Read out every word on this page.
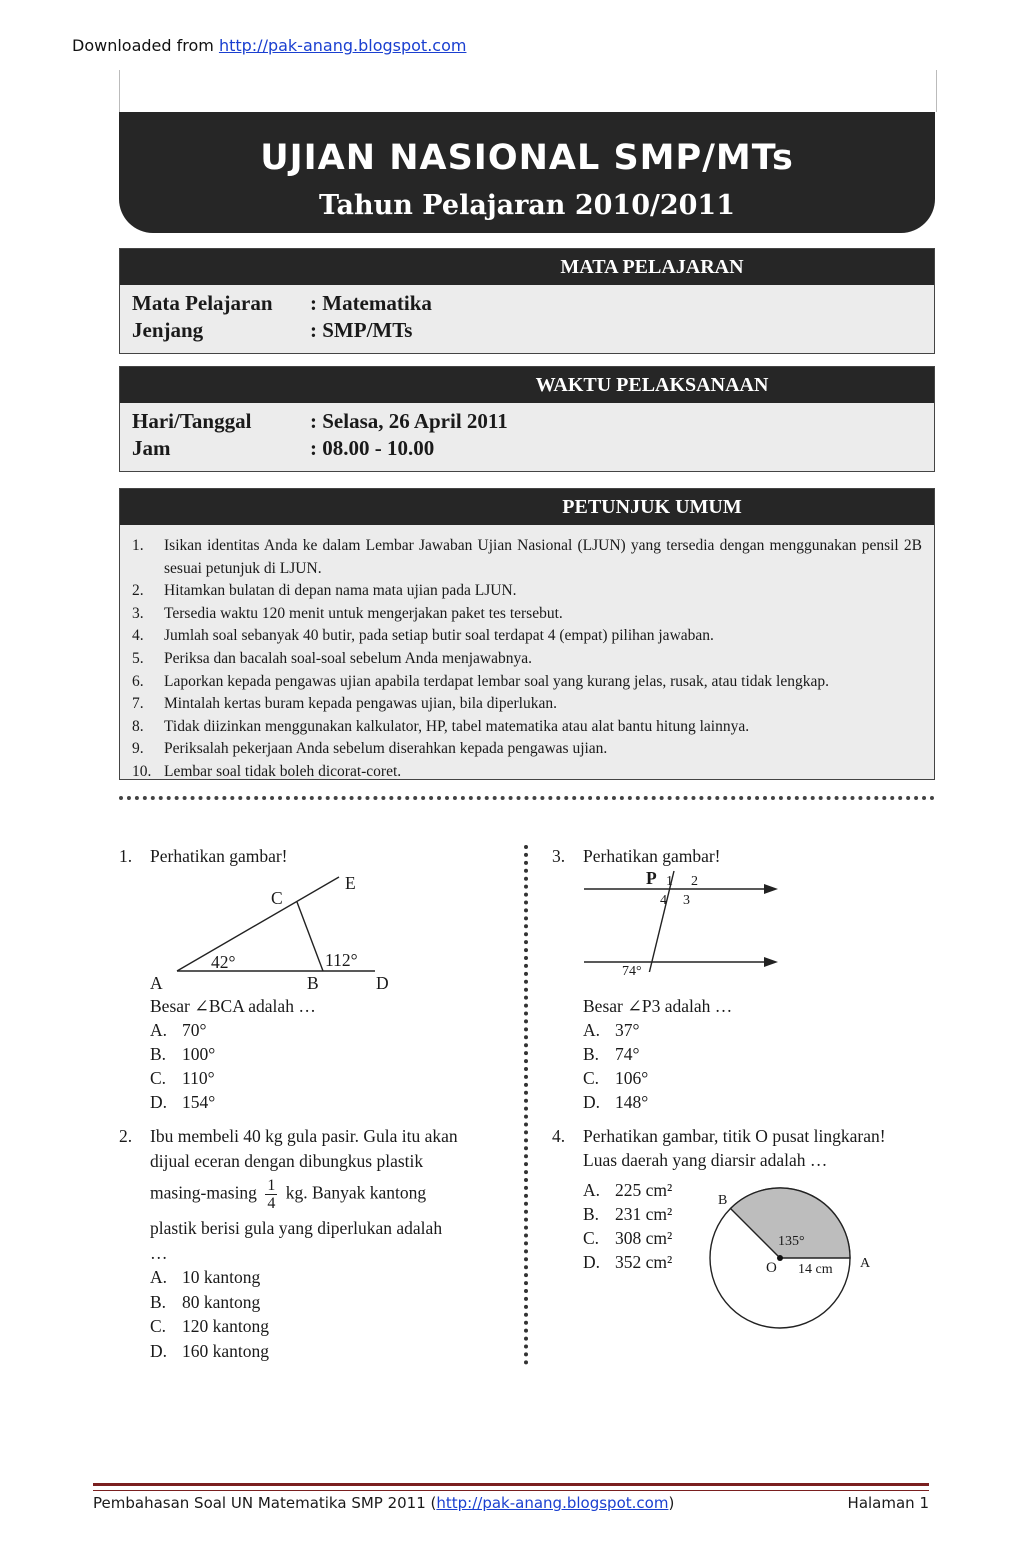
Downloaded from http://pak-anang.blogspot.com
UJIAN NASIONAL SMP/MTs
Tahun Pelajaran 2010/2011
MATA PELAJARAN
Mata Pelajaran : Matematika
Jenjang	: SMP/MTs
WAKTU PELAKSANAAN
Hari/Tanggal	: Selasa, 26 April 2011
Jam	: 08.00 - 10.00
PETUNJUK UMUM
1. Isikan identitas Anda ke dalam Lembar Jawaban Ujian Nasional (LJUN) yang tersedia dengan menggunakan pensil 2B sesuai petunjuk di LJUN.
2. Hitamkan bulatan di depan nama mata ujian pada LJUN.
3. Tersedia waktu 120 menit untuk mengerjakan paket tes tersebut.
4. Jumlah soal sebanyak 40 butir, pada setiap butir soal terdapat 4 (empat) pilihan jawaban.
5. Periksa dan bacalah soal-soal sebelum Anda menjawabnya.
6. Laporkan kepada pengawas ujian apabila terdapat lembar soal yang kurang jelas, rusak, atau tidak lengkap.
7. Mintalah kertas buram kepada pengawas ujian, bila diperlukan.
8. Tidak diizinkan menggunakan kalkulator, HP, tabel matematika atau alat bantu hitung lainnya.
9. Periksalah pekerjaan Anda sebelum diserahkan kepada pengawas ujian.
10. Lembar soal tidak boleh dicorat-coret.
1. Perhatikan gambar!
C
E
42°	112°
A	B	D
Besar ∠BCA adalah …
A. 70°
B. 100°
C. 110°
D. 154°
2. Ibu membeli 40 kg gula pasir. Gula itu akan
dijual eceran dengan dibungkus plastik
$masing-masing \frac{1}{4}$ kg. Banyak kantong
plastik berisi gula yang diperlukan adalah
…
A. 10 kantong
B. 80 kantong
C. 120 kantong
D. 160 kantong
3. Perhatikan gambar!
P 1 2
4 3
74°
Besar ∠P3 adalah …
A. 37°
B. 74°
C. 106°
D. 148°
4. Perhatikan gambar, titik O pusat lingkaran!
Luas daerah yang diarsir adalah …
A. 225 cm²
B. 231 cm²
C. 308 cm²
D. 352 cm²
B
135°
O 14 cm A
Pembahasan Soal UN Matematika SMP 2011 (http://pak-anang.blogspot.com)	Halaman 1
